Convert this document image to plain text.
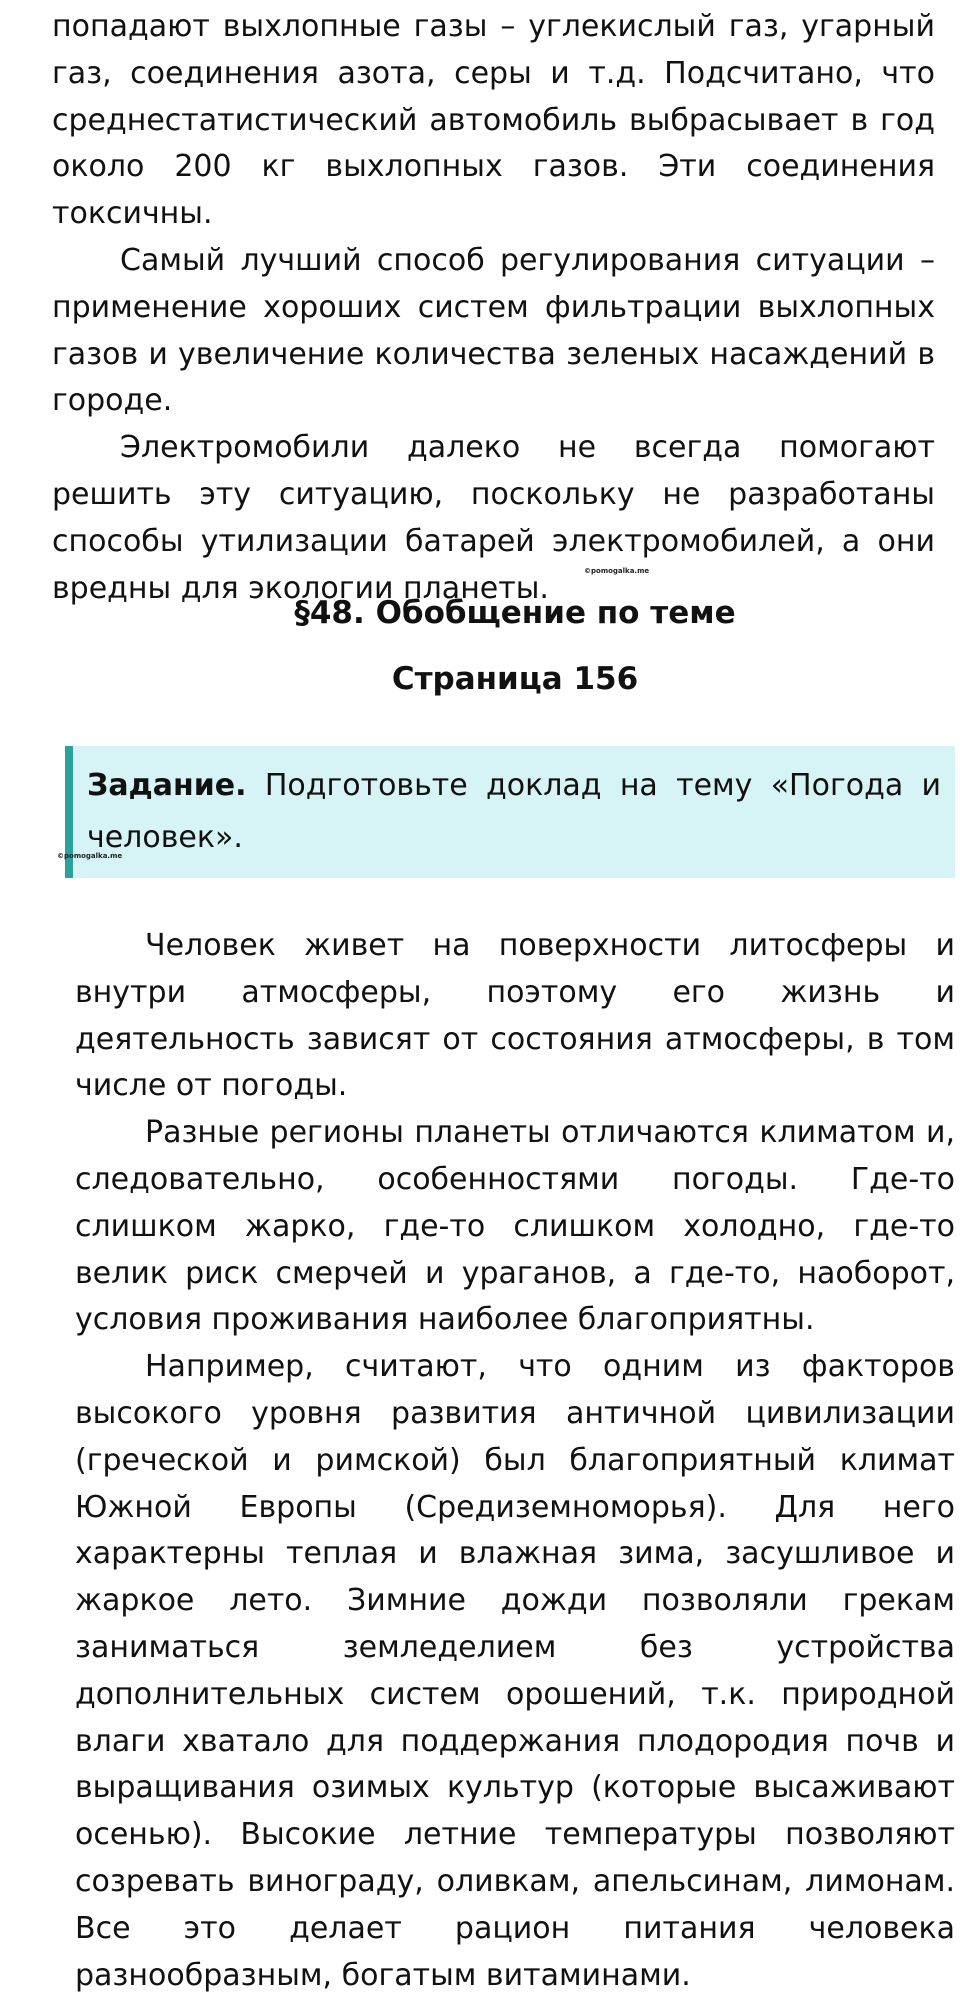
попадают выхлопные газы – углекислый газ, угарный газ, соединения азота, серы и т.д. Подсчитано, что среднестатистический автомобиль выбрасывает в год около 200 кг выхлопных газов. Эти соединения токсичны.

Самый лучший способ регулирования ситуации – применение хороших систем фильтрации выхлопных газов и увеличение количества зеленых насаждений в городе.

Электромобили далеко не всегда помогают решить эту ситуацию, поскольку не разработаны способы утилизации батарей электромобилей, а они вредны для экологии планеты.	©pomogalka.me
§48. Обобщение по теме
Страница 156

Задание. Подготовьте доклад на тему «Погода и человек».

©pomogalka.me

Человек живет на поверхности литосферы и внутри атмосферы, поэтому его жизнь и деятельность зависят от состояния атмосферы, в том числе от погоды.

Разные регионы планеты отличаются климатом и, следовательно, особенностями погоды. Где-то слишком жарко, где-то слишком холодно, где-то велик риск смерчей и ураганов, а где-то, наоборот, условия проживания наиболее благоприятны.

Например, считают, что одним из факторов высокого уровня развития античной цивилизации (греческой и римской) был благоприятный климат Южной Европы (Средиземноморья). Для него характерны теплая и влажная зима, засушливое и жаркое лето. Зимние дожди позволяли грекам заниматься земледелием без устройства дополнительных систем орошений, т.к. природной влаги хватало для поддержания плодородия почв и выращивания озимых культур (которые высаживают осенью). Высокие летние температуры позволяют созревать винограду, оливкам, апельсинам, лимонам. Все это делает рацион питания человека разнообразным, богатым витаминами.
